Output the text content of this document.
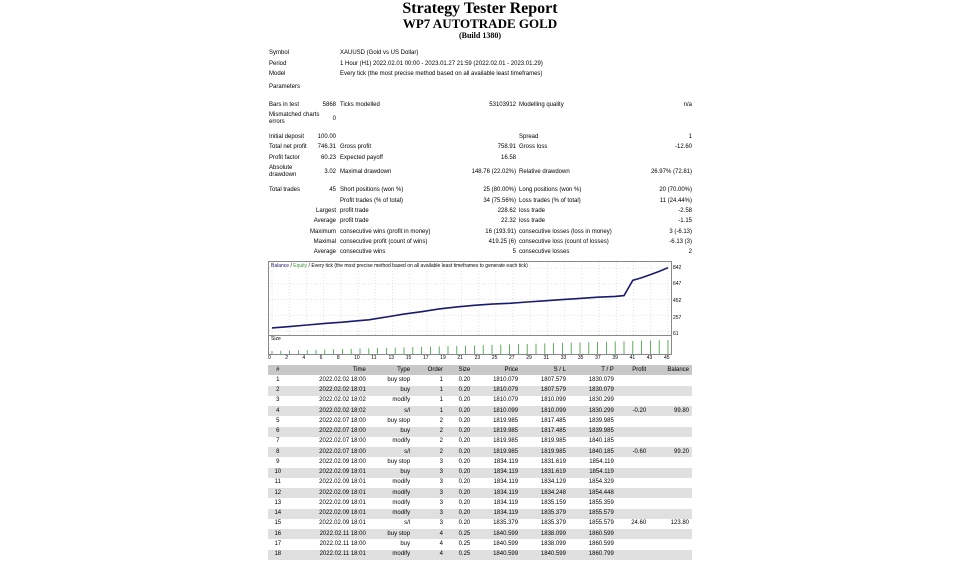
Strategy Tester Report
WP7 AUTOTRADE GOLD
(Build 1380)
Symbol	XAUUSD (Gold vs US Dollar)
Period	1 Hour (H1) 2022.02.01 00:00 - 2023.01.27 21:59 (2022.02.01 - 2023.01.29)
Model	Every tick (the most precise method based on all available least timeframes)
Parameters
Bars in test	5868 Ticks modelled	53103912 Modelling quality	n/a
Mismatched charts errors	0
Initial deposit	100.00	Spread	1
Total net profit	746.31 Gross profit	758.91 Gross loss	-12.60
Profit factor	60.23 Expected payoff	16.58
Absolute drawdown	3.02 Maximal drawdown	148.76 (22.02%) Relative drawdown	26.97% (72.81)
Total trades	45 Short positions (won %)	25 (80.00%) Long positions (won %)	20 (70.00%)
Profit trades (% of total)	34 (75.56%) Loss trades (% of total)	11 (24.44%)
Largest profit trade	228.62 loss trade	-2.58
Average profit trade	22.32 loss trade	-1.15
Maximum consecutive wins (profit in money)	16 (193.91) consecutive losses (loss in money)	3 (-6.13)
Maximal consecutive profit (count of wins)	419.25 (6) consecutive loss (count of losses)	-6.13 (3)
Average consecutive wins	5 consecutive losses	2
Balance / Equity / Every tick (the most precise method based on all available least timeframes to generate each tick)	842
647
452
257
61
Size
0	2	4	6	8	10 11 13 15 17 19 21 23 25 27 29 31 33 35 37 39 41 43 45
#	Time	Type	Order	Size	Price	S / L	T / P	Profit	Balance
1	2022.02.02 18:00	buy stop	1	0.20	1810.079	1807.579	1830.079		
2	2022.02.02 18:01	buy	1	0.20	1810.079	1807.579	1830.079		
3	2022.02.02 18:02	modify	1	0.20	1810.079	1810.099	1830.299		
4	2022.02.02 18:02	s/l	1	0.20	1810.099	1810.099	1830.299	-0.20	99.80
5	2022.02.07 18:00	buy stop	2	0.20	1819.985	1817.485	1839.985		
6	2022.02.07 18:00	buy	2	0.20	1819.985	1817.485	1839.985		
7	2022.02.07 18:00	modify	2	0.20	1819.985	1819.985	1840.185		
8	2022.02.07 18:00	s/l	2	0.20	1819.985	1819.985	1840.185	-0.60	99.20
9	2022.02.09 18:00	buy stop	3	0.20	1834.119	1831.619	1854.119		
10	2022.02.09 18:01	buy	3	0.20	1834.119	1831.619	1854.119		
11	2022.02.09 18:01	modify	3	0.20	1834.119	1834.129	1854.329		
12	2022.02.09 18:01	modify	3	0.20	1834.119	1834.248	1854.448		
13	2022.02.09 18:01	modify	3	0.20	1834.119	1835.159	1855.359		
14	2022.02.09 18:01	modify	3	0.20	1834.119	1835.379	1855.579		
15	2022.02.09 18:01	s/l	3	0.20	1835.379	1835.379	1855.579	24.60	123.80
16	2022.02.11 18:00	buy stop	4	0.25	1840.599	1838.099	1860.599		
17	2022.02.11 18:00	buy	4	0.25	1840.599	1838.099	1860.599		
18	2022.02.11 18:01	modify	4	0.25	1840.599	1840.599	1860.799		
